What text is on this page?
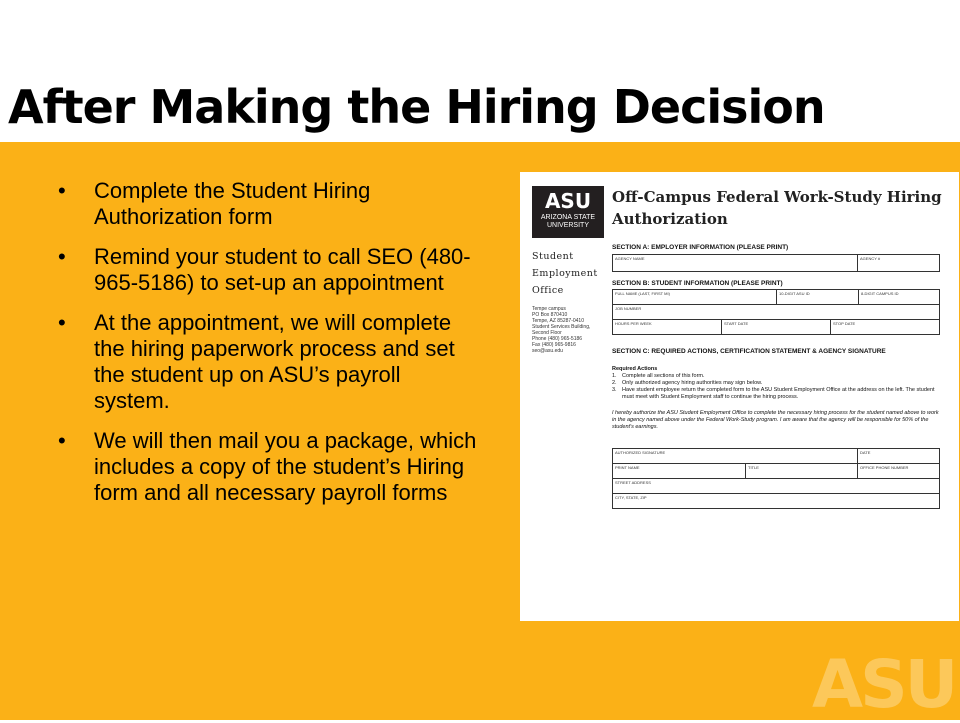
After Making the Hiring Decision
• Complete the Student Hiring Authorization form
• Remind your student to call SEO (480-965-5186) to set-up an appointment
• At the appointment, we will complete the hiring paperwork process and set the student up on ASU’s payroll system.
• We will then mail you a package, which includes a copy of the student’s Hiring form and all necessary payroll forms
ASU
ARIZONA STATE UNIVERSITY
Off-Campus Federal Work-Study Hiring Authorization
Student Employment Office
Tempe campus
PO Box 870410
Tempe, AZ 85287-0410
Student Services Building, Second Floor
Phone (480) 965-5186
Fax (480) 965-9816
seo@asu.edu
SECTION A: EMPLOYER INFORMATION (PLEASE PRINT)
AGENCY NAME	AGENCY #
SECTION B: STUDENT INFORMATION (PLEASE PRINT)
FULL NAME (LAST, FIRST MI)	10-DIGIT ASU ID	8-DIGIT CAMPUS ID
JOB NUMBER
HOURS PER WEEK	START DATE	STOP DATE
SECTION C: REQUIRED ACTIONS, CERTIFICATION STATEMENT & AGENCY SIGNATURE
Required Actions
1. Complete all sections of this form.
2. Only authorized agency hiring authorities may sign below.
3. Have student employee return the completed form to the ASU Student Employment Office at the address on the left. The student must meet with Student Employment staff to continue the hiring process.
I hereby authorize the ASU Student Employment Office to complete the necessary hiring process for the student named above to work in the agency named above under the Federal Work-Study program. I am aware that the agency will be responsible for 50% of the student's earnings.
AUTHORIZED SIGNATURE	DATE
PRINT NAME	TITLE	OFFICE PHONE NUMBER
STREET ADDRESS
CITY, STATE, ZIP
ASU
